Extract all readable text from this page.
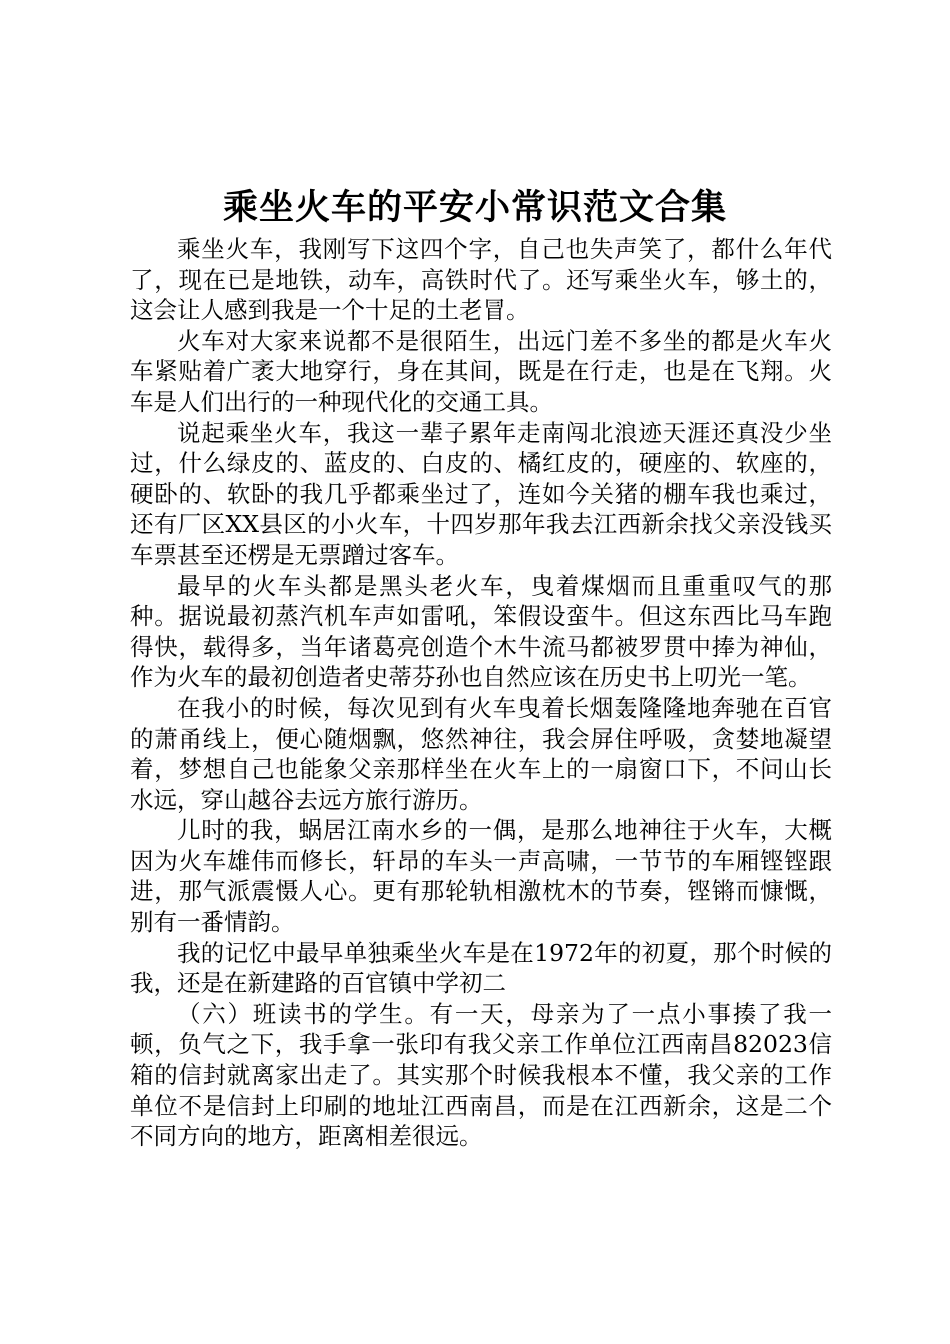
乘坐火车的平安小常识范文合集

乘坐火车，我刚写下这四个字，自己也失声笑了，都什么年代了，现在已是地铁，动车，高铁时代了。还写乘坐火车，够土的，这会让人感到我是一个十足的土老冒。

火车对大家来说都不是很陌生，出远门差不多坐的都是火车火车紧贴着广袤大地穿行，身在其间，既是在行走，也是在飞翔。火车是人们出行的一种现代化的交通工具。

说起乘坐火车，我这一辈子累年走南闯北浪迹天涯还真没少坐过，什么绿皮的、蓝皮的、白皮的、橘红皮的，硬座的、软座的，硬卧的、软卧的我几乎都乘坐过了，连如今关猪的棚车我也乘过，还有厂区XX县区的小火车，十四岁那年我去江西新余找父亲没钱买车票甚至还楞是无票蹭过客车。

最早的火车头都是黑头老火车，曳着煤烟而且重重叹气的那种。据说最初蒸汽机车声如雷吼，笨假设蛮牛。但这东西比马车跑得快，载得多，当年诸葛亮创造个木牛流马都被罗贯中捧为神仙，作为火车的最初创造者史蒂芬孙也自然应该在历史书上叨光一笔。

在我小的时候，每次见到有火车曳着长烟轰隆隆地奔驰在百官的萧甬线上，便心随烟飘，悠然神往，我会屏住呼吸，贪婪地凝望着，梦想自己也能象父亲那样坐在火车上的一扇窗口下，不问山长水远，穿山越谷去远方旅行游历。

儿时的我，蜗居江南水乡的一偶，是那么地神往于火车，大概因为火车雄伟而修长，轩昂的车头一声高啸，一节节的车厢铿铿跟进，那气派震慑人心。更有那轮轨相激枕木的节奏，铿锵而慷慨，别有一番情韵。

我的记忆中最早单独乘坐火车是在1972年的初夏，那个时候的我，还是在新建路的百官镇中学初二

（六）班读书的学生。有一天，母亲为了一点小事揍了我一顿，负气之下，我手拿一张印有我父亲工作单位江西南昌82023信箱的信封就离家出走了。其实那个时候我根本不懂，我父亲的工作单位不是信封上印刷的地址江西南昌，而是在江西新余，这是二个不同方向的地方，距离相差很远。
